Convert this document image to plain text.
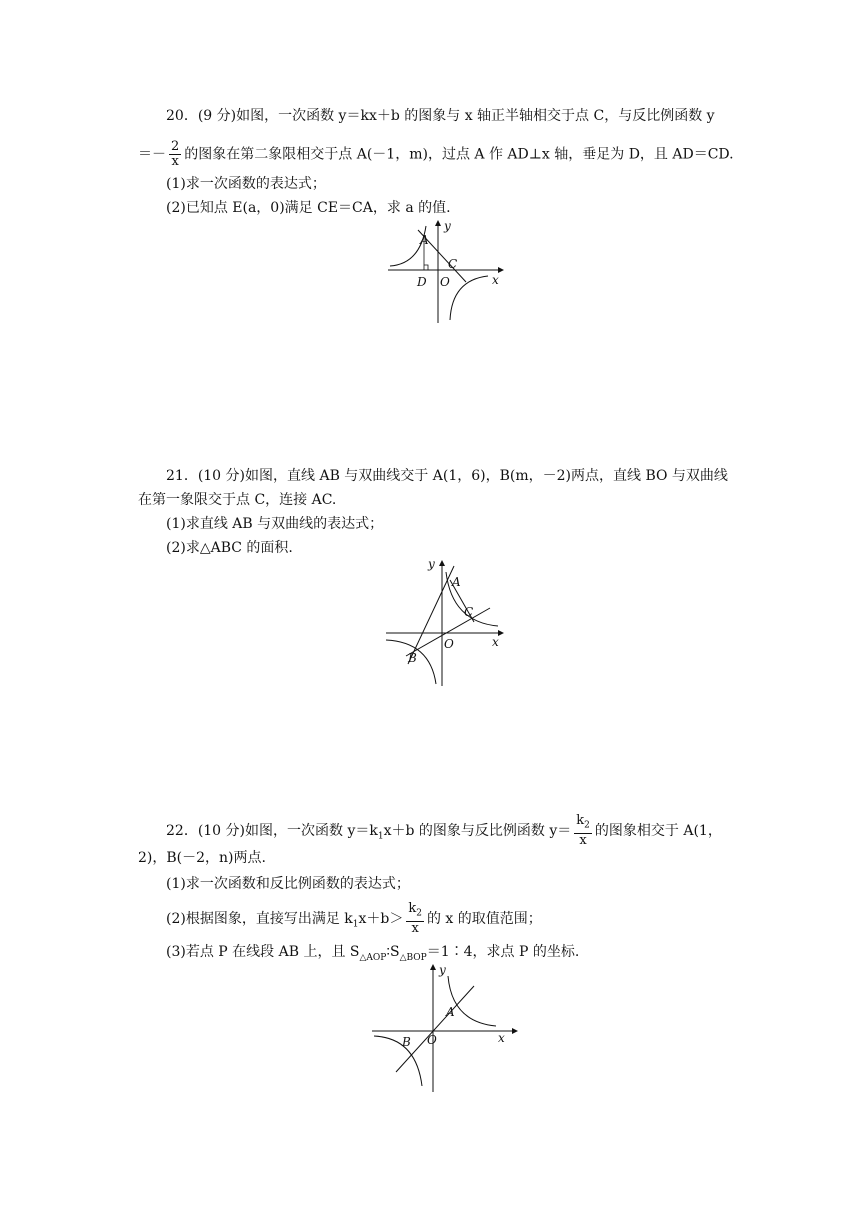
20．(9 分)如图，一次函数 y＝kx＋b 的图象与 x 轴正半轴相交于点 C，与反比例函数 y
＝－ $\frac{2}{x}$ 的图象在第二象限相交于点 A(－1，m)，过点 A 作 AD⊥x 轴，垂足为 D，且 AD＝CD.
(1)求一次函数的表达式；
(2)已知点 E(a，0)满足 CE＝CA，求 a 的值.
y
x
A
C
D O
21．(10 分)如图，直线 AB 与双曲线交于 A(1，6)，B(m，－2)两点，直线 BO 与双曲线
在第一象限交于点 C，连接 AC.
(1)求直线 AB 与双曲线的表达式；
(2)求△ABC 的面积.
y
x
A
C
B
O
22．(10 分)如图，一次函数 $y=k_1x+b$ 的图象与反比例函数 $y= \frac{k_2}{x}$ 的图象相交于 A(1，
2)，B(－2，n)两点.
(1)求一次函数和反比例函数的表达式；
(2)根据图象，直接写出满足 $k_1x+b> \frac{k_2}{x}$ 的 x 的取值范围；
(3)若点 P 在线段 AB 上，且 $S_{\triangle AOP}∶S_{\triangle BOP}=1∶4$，求点 P 的坐标.
y
x
A
B O
